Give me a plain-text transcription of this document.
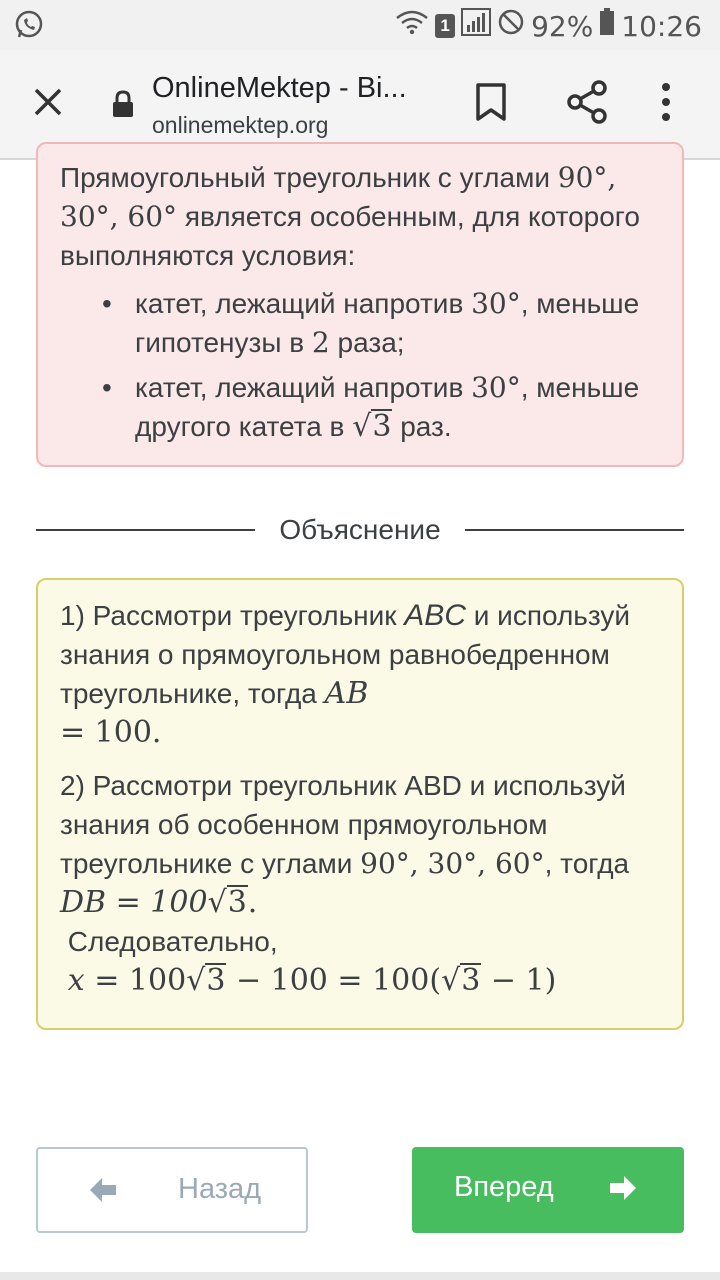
1	92% 10:26
OnlineMektep - Bi...
onlinemektep.org

Прямоугольный треугольник с углами 90°, 30°, 60° является особенным, для которого выполняются условия:

• катет, лежащий напротив 30°, меньше гипотенузы в 2 раза;
• катет, лежащий напротив 30°, меньше другого катета в √3 раз.
Объяснение

1) Рассмотри треугольник ABC и используй знания о прямоугольном равнобедренном треугольнике, тогда AB
= 100.

2) Рассмотри треугольник ABD и используй знания об особенном прямоугольном треугольнике с углами 90°, 30°, 60°, тогда DB = 100√3.
Следовательно,
x = 100√3 − 100 = 100(√3 − 1)

Назад	Вперед
